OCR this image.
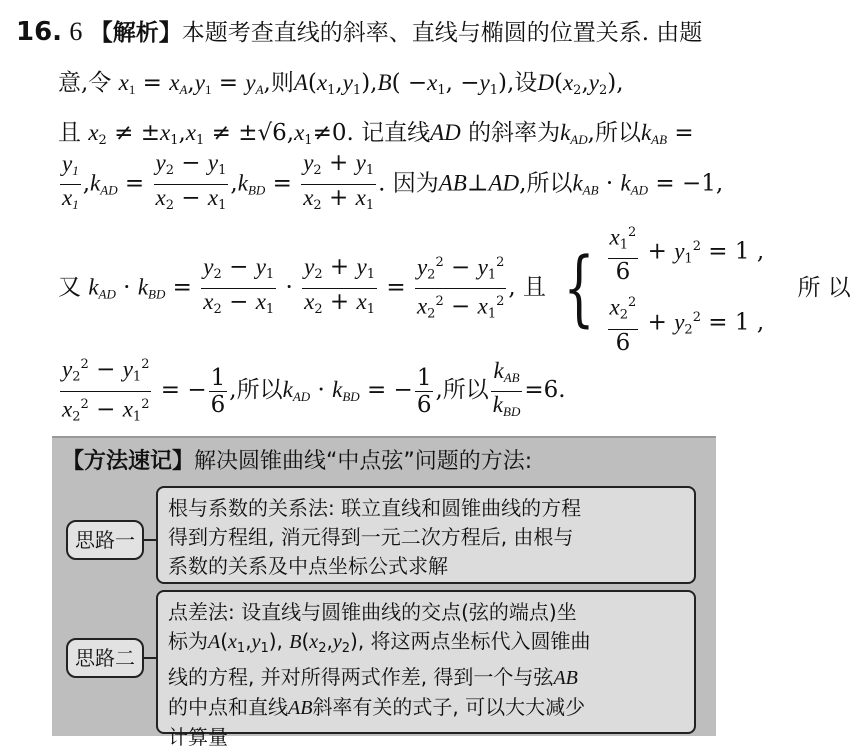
16. 6 【解析】本题考查直线的斜率、直线与椭圆的位置关系. 由题
意,令 $x_1 = x_A,y_1 = y_A$,则$A(x_1,y_1),B( -x_1$, $-y_1$),设$D(x_2,y_2)$,
且 $x_2 \ne \pm x_1,x_1 \ne \pm√6,x_1\ne 0$. 记直线AD 的斜率为$k_{AD}$,所以$k_{AB}$ =
$\frac{y_1}{x_1} ,k_{AD} = \frac{y_2 - y_1}{x_2 - x_1} ,k_{BD} = \frac{y_2 + y_1}{x_2 + x_1}$ . 因为AB⊥AD,所以$k_{AB} \cdot k_{AD} = -1$,
又 $k_{AD} \cdot k_{BD} = \frac{y_2 - y_1}{x_2 - x_1} \cdot \frac{y_2 + y_1}{x_2 + x_1} = \frac{y_2^2 - y_1^2}{x_2^2 - x_1^2}$ , 且 { $\frac{x_1^2}{6} + y_1^2 = 1$ ,
$\frac{x_2^2}{6} + y_2^2 = 1$ ,
所 以
$\frac{y_2^2 - y_1^2}{x_2^2 - x_1^2}$ = − $\frac{1}{6}$ ,所以$k_{AD} \cdot k_{BD}$ = − $\frac{1}{6}$ ,所以 $\frac{k_{AB}}{k_{BD}} =6$.
【方法速记】解决圆锥曲线“中点弦”问题的方法:
思路一
根与系数的关系法: 联立直线和圆锥曲线的方程
得到方程组, 消元得到一元二次方程后, 由根与
系数的关系及中点坐标公式求解
思路二
点差法: 设直线与圆锥曲线的交点(弦的端点)坐
标为$A(x_1,y_1)$, $B(x_2,y_2)$, 将这两点坐标代入圆锥曲
线的方程, 并对所得两式作差, 得到一个与弦AB
的中点和直线AB斜率有关的式子, 可以大大减少
计算量
